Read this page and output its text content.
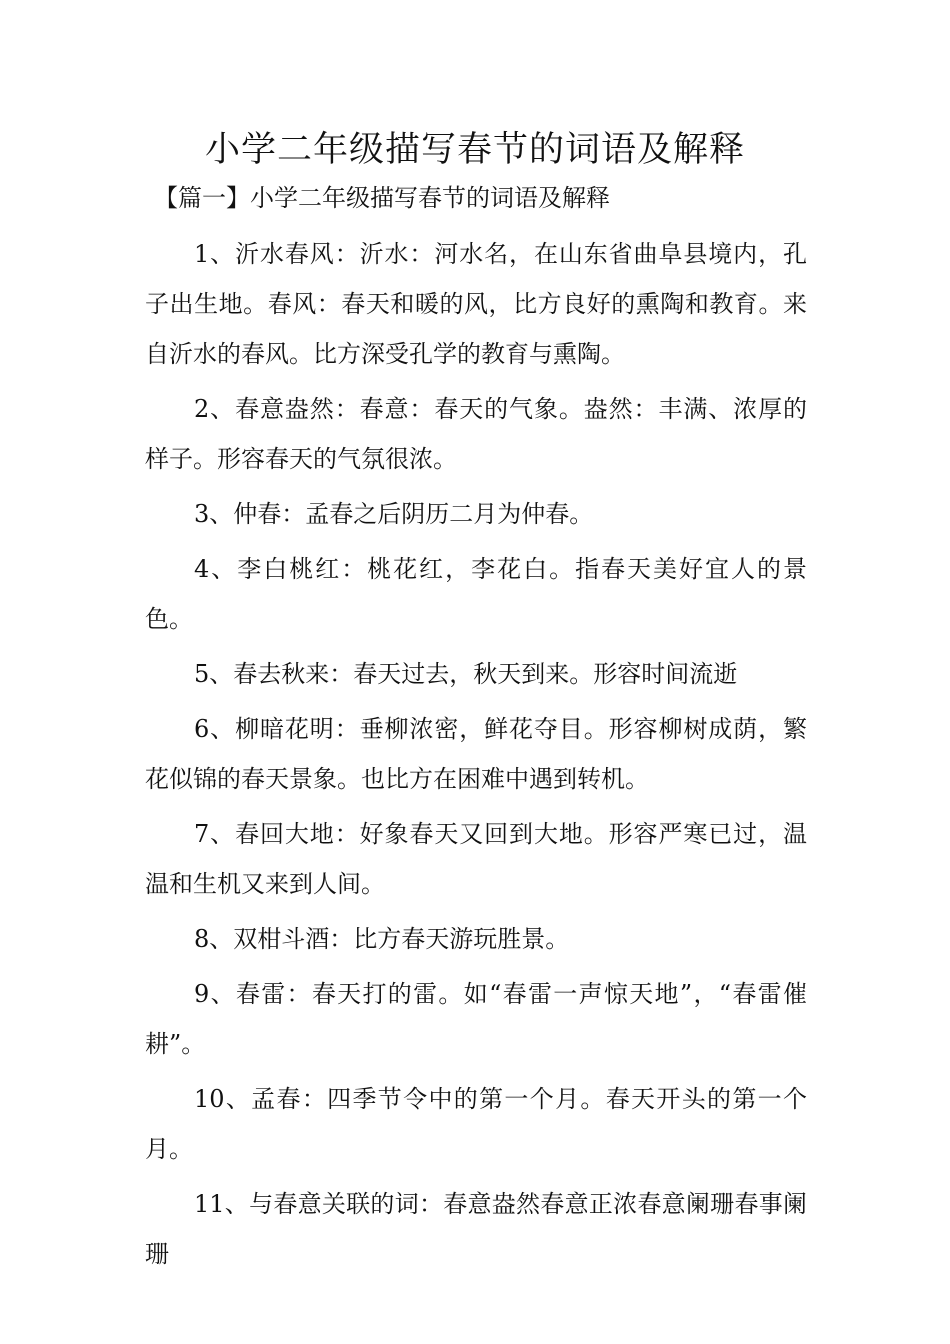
小学二年级描写春节的词语及解释
【篇一】小学二年级描写春节的词语及解释

1、沂水春风：沂水：河水名，在山东省曲阜县境内，孔子出生地。春风：春天和暖的风，比方良好的熏陶和教育。来自沂水的春风。比方深受孔学的教育与熏陶。

2、春意盎然：春意：春天的气象。盎然：丰满、浓厚的样子。形容春天的气氛很浓。

3、仲春：孟春之后阴历二月为仲春。

4、李白桃红：桃花红，李花白。指春天美好宜人的景色。

5、春去秋来：春天过去，秋天到来。形容时间流逝

6、柳暗花明：垂柳浓密，鲜花夺目。形容柳树成荫，繁花似锦的春天景象。也比方在困难中遇到转机。

7、春回大地：好象春天又回到大地。形容严寒已过，温温和生机又来到人间。

8、双柑斗酒：比方春天游玩胜景。

9、春雷：春天打的雷。如“春雷一声惊天地”，“春雷催耕”。

10、孟春：四季节令中的第一个月。春天开头的第一个月。

11、与春意关联的词：春意盎然春意正浓春意阑珊春事阑珊
